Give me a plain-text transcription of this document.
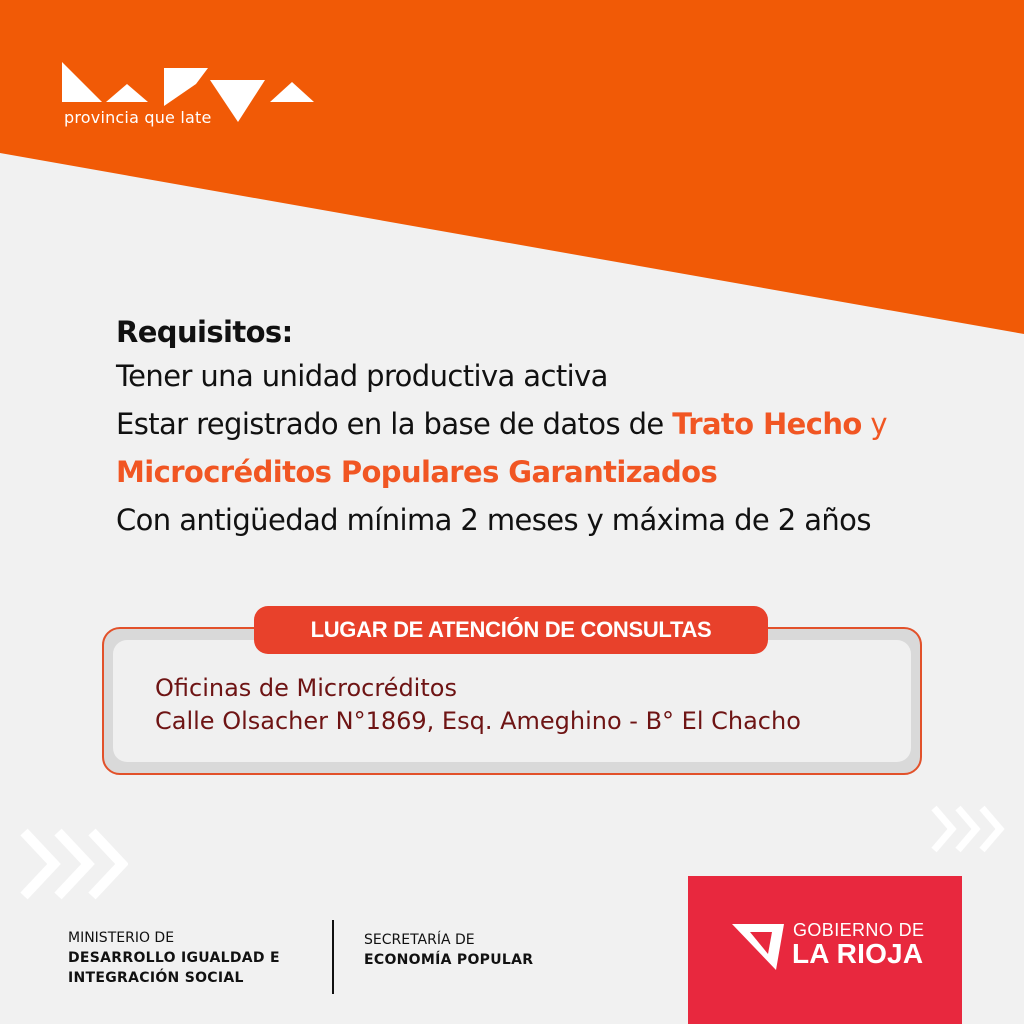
provincia que late
Requisitos:
Tener una unidad productiva activa
Estar registrado en la base de datos de Trato Hecho y
Microcréditos Populares Garantizados
Con antigüedad mínima 2 meses y máxima de 2 años
LUGAR DE ATENCIÓN DE CONSULTAS
Oficinas de Microcréditos
Calle Olsacher N°1869, Esq. Ameghino - B° El Chacho
MINISTERIO DE
DESARROLLO IGUALDAD E
INTEGRACIÓN SOCIAL
SECRETARÍA DE
ECONOMÍA POPULAR
GOBIERNO DE
LA RIOJA
